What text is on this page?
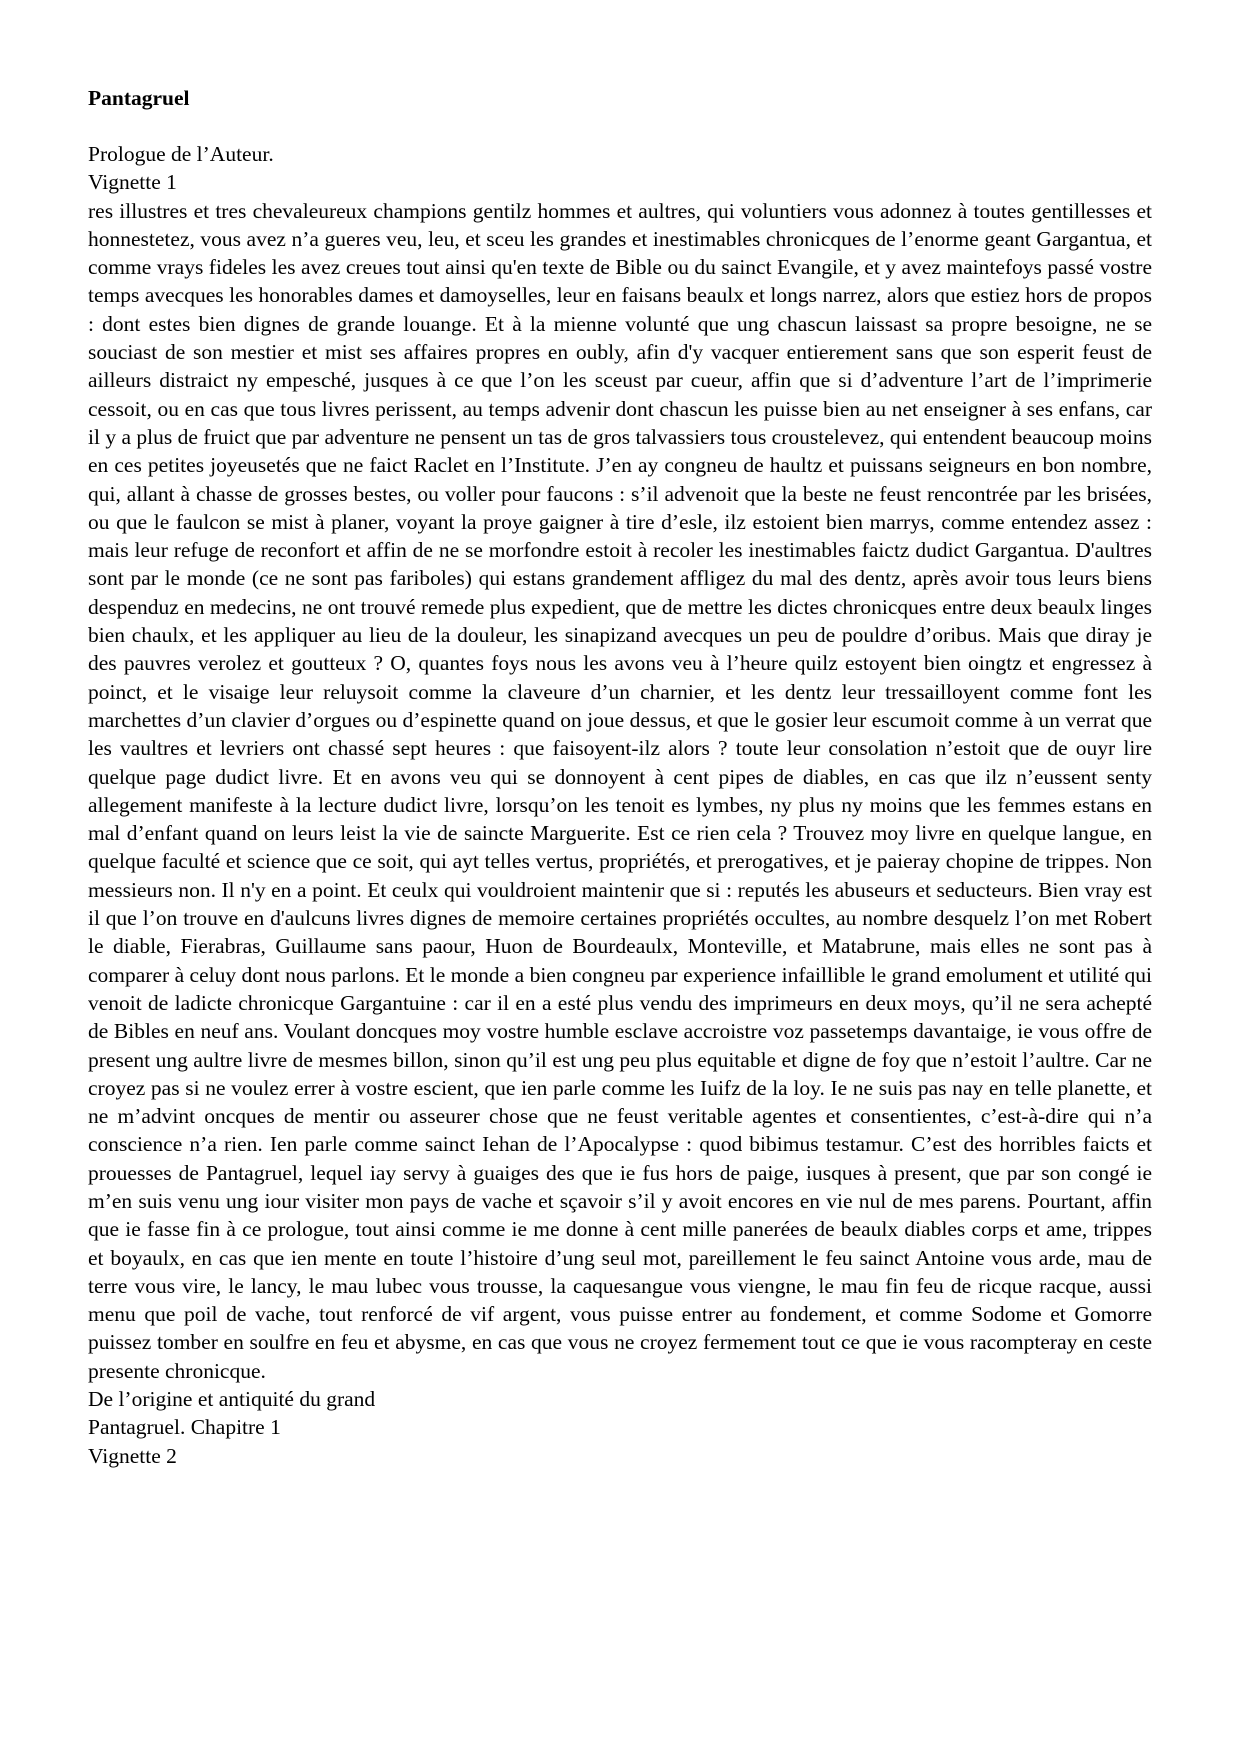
Pantagruel

Prologue de l’Auteur.

Vignette 1

res illustres et tres chevaleureux champions gentilz hommes et aultres, qui voluntiers vous adonnez à toutes gentillesses et honnestetez, vous avez n’a gueres veu, leu, et sceu les grandes et inestimables chronicques de l’enorme geant Gargantua, et comme vrays fideles les avez creues tout ainsi qu'en texte de Bible ou du sainct Evangile, et y avez maintefoys passé vostre temps avecques les honorables dames et damoyselles, leur en faisans beaulx et longs narrez, alors que estiez hors de propos : dont estes bien dignes de grande louange. Et à la mienne volunté que ung chascun laissast sa propre besoigne, ne se souciast de son mestier et mist ses affaires propres en oubly, afin d'y vacquer entierement sans que son esperit feust de ailleurs distraict ny empesché, jusques à ce que l’on les sceust par cueur, affin que si d’adventure l’art de l’imprimerie cessoit, ou en cas que tous livres perissent, au temps advenir dont chascun les puisse bien au net enseigner à ses enfans, car il y a plus de fruict que par adventure ne pensent un tas de gros talvassiers tous croustelevez, qui entendent beaucoup moins en ces petites joyeusetés que ne faict Raclet en l’Institute. J’en ay congneu de haultz et puissans seigneurs en bon nombre, qui, allant à chasse de grosses bestes, ou voller pour faucons : s’il advenoit que la beste ne feust rencontrée par les brisées, ou que le faulcon se mist à planer, voyant la proye gaigner à tire d’esle, ilz estoient bien marrys, comme entendez assez : mais leur refuge de reconfort et affin de ne se morfondre estoit à recoler les inestimables faictz dudict Gargantua. D'aultres sont par le monde (ce ne sont pas fariboles) qui estans grandement affligez du mal des dentz, après avoir tous leurs biens despenduz en medecins, ne ont trouvé remede plus expedient, que de mettre les dictes chronicques entre deux beaulx linges bien chaulx, et les appliquer au lieu de la douleur, les sinapizand avecques un peu de pouldre d’oribus. Mais que diray je des pauvres verolez et goutteux ? O, quantes foys nous les avons veu à l’heure quilz estoyent bien oingtz et engressez à poinct, et le visaige leur reluysoit comme la claveure d’un charnier, et les dentz leur tressailloyent comme font les marchettes d’un clavier d’orgues ou d’espinette quand on joue dessus, et que le gosier leur escumoit comme à un verrat que les vaultres et levriers ont chassé sept heures : que faisoyent-ilz alors ? toute leur consolation n’estoit que de ouyr lire quelque page dudict livre. Et en avons veu qui se donnoyent à cent pipes de diables, en cas que ilz n’eussent senty allegement manifeste à la lecture dudict livre, lorsqu’on les tenoit es lymbes, ny plus ny moins que les femmes estans en mal d’enfant quand on leurs leist la vie de saincte Marguerite. Est ce rien cela ? Trouvez moy livre en quelque langue, en quelque faculté et science que ce soit, qui ayt telles vertus, propriétés, et prerogatives, et je paieray chopine de trippes. Non messieurs non. Il n'y en a point. Et ceulx qui vouldroient maintenir que si : reputés les abuseurs et seducteurs. Bien vray est il que l’on trouve en d'aulcuns livres dignes de memoire certaines propriétés occultes, au nombre desquelz l’on met Robert le diable, Fierabras, Guillaume sans paour, Huon de Bourdeaulx, Monteville, et Matabrune, mais elles ne sont pas à comparer à celuy dont nous parlons. Et le monde a bien congneu par experience infaillible le grand emolument et utilité qui venoit de ladicte chronicque Gargantuine : car il en a esté plus vendu des imprimeurs en deux moys, qu’il ne sera achepté de Bibles en neuf ans. Voulant doncques moy vostre humble esclave accroistre voz passetemps davantaige, ie vous offre de present ung aultre livre de mesmes billon, sinon qu’il est ung peu plus equitable et digne de foy que n’estoit l’aultre. Car ne croyez pas si ne voulez errer à vostre escient, que ien parle comme les Iuifz de la loy. Ie ne suis pas nay en telle planette, et ne m’advint oncques de mentir ou asseurer chose que ne feust veritable agentes et consentientes, c’est-à-dire qui n’a conscience n’a rien. Ien parle comme sainct Iehan de l’Apocalypse : quod bibimus testamur. C’est des horribles faicts et prouesses de Pantagruel, lequel iay servy à guaiges des que ie fus hors de paige, iusques à present, que par son congé ie m’en suis venu ung iour visiter mon pays de vache et sçavoir s’il y avoit encores en vie nul de mes parens. Pourtant, affin que ie fasse fin à ce prologue, tout ainsi comme ie me donne à cent mille panerées de beaulx diables corps et ame, trippes et boyaulx, en cas que ien mente en toute l’histoire d’ung seul mot, pareillement le feu sainct Antoine vous arde, mau de terre vous vire, le lancy, le mau lubec vous trousse, la caquesangue vous viengne, le mau fin feu de ricque racque, aussi menu que poil de vache, tout renforcé de vif argent, vous puisse entrer au fondement, et comme Sodome et Gomorre puissez tomber en soulfre en feu et abysme, en cas que vous ne croyez fermement tout ce que ie vous racompteray en ceste presente chronicque.

De l’origine et antiquité du grand

Pantagruel. Chapitre 1

Vignette 2
